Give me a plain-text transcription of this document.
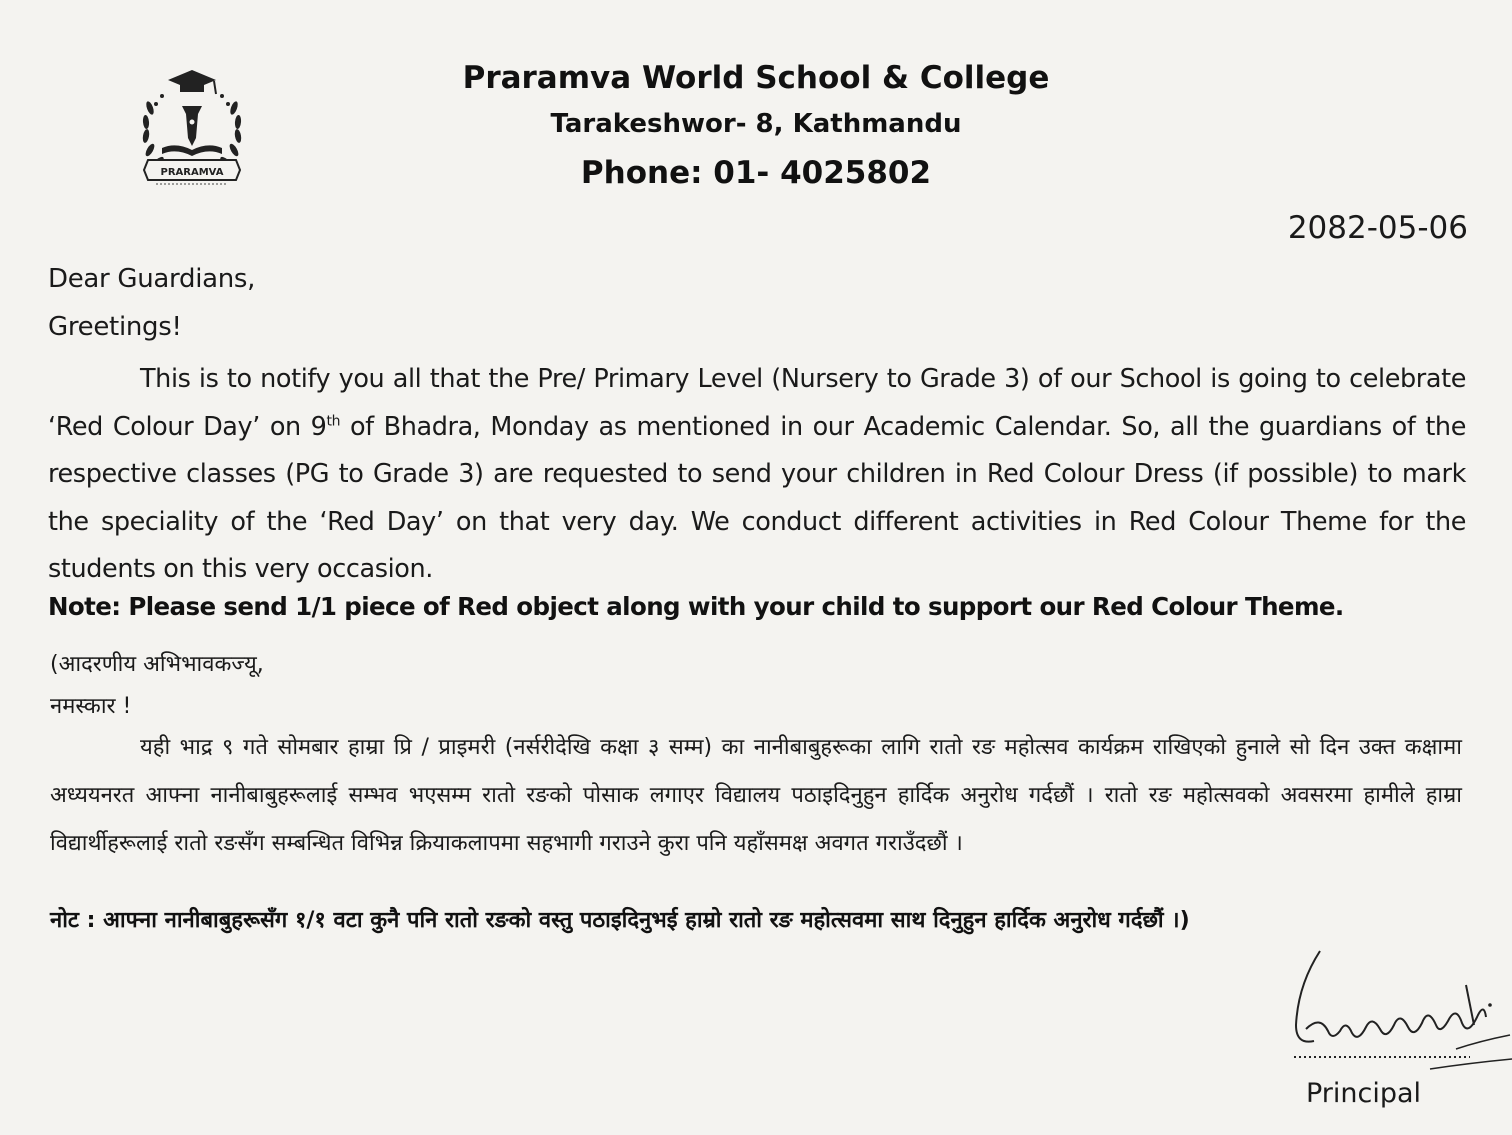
PRARAMVA
Praramva World School & College
Tarakeshwor- 8, Kathmandu
Phone: 01- 4025802
2082-05-06
Dear Guardians,
Greetings!
This is to notify you all that the Pre/ Primary Level (Nursery to Grade 3) of our School is going to celebrate ‘Red Colour Day’ on 9th of Bhadra, Monday as mentioned in our Academic Calendar. So, all the guardians of the respective classes (PG to Grade 3) are requested to send your children in Red Colour Dress (if possible) to mark the speciality of the ‘Red Day’ on that very day. We conduct different activities in Red Colour Theme for the students on this very occasion.
Note: Please send 1/1 piece of Red object along with your child to support our Red Colour Theme.
(आदरणीय अभिभावकज्यू,
नमस्कार !
यही भाद्र ९ गते सोमबार हाम्रा प्रि / प्राइमरी (नर्सरीदेखि कक्षा ३ सम्म) का नानीबाबुहरूका लागि रातो रङ महोत्सव कार्यक्रम राखिएको हुनाले सो दिन उक्त कक्षामा अध्ययनरत आफ्ना नानीबाबुहरूलाई सम्भव भएसम्म रातो रङको पोसाक लगाएर विद्यालय पठाइदिनुहुन हार्दिक अनुरोध गर्दछौं । रातो रङ महोत्सवको अवसरमा हामीले हाम्रा विद्यार्थीहरूलाई रातो रङसँग सम्बन्धित विभिन्न क्रियाकलापमा सहभागी गराउने कुरा पनि यहाँसमक्ष अवगत गराउँदछौं ।
नोट : आफ्ना नानीबाबुहरूसँग १/१ वटा कुनै पनि रातो रङको वस्तु पठाइदिनुभई हाम्रो रातो रङ महोत्सवमा साथ दिनुहुन हार्दिक अनुरोध गर्दछौं ।)
Principal
